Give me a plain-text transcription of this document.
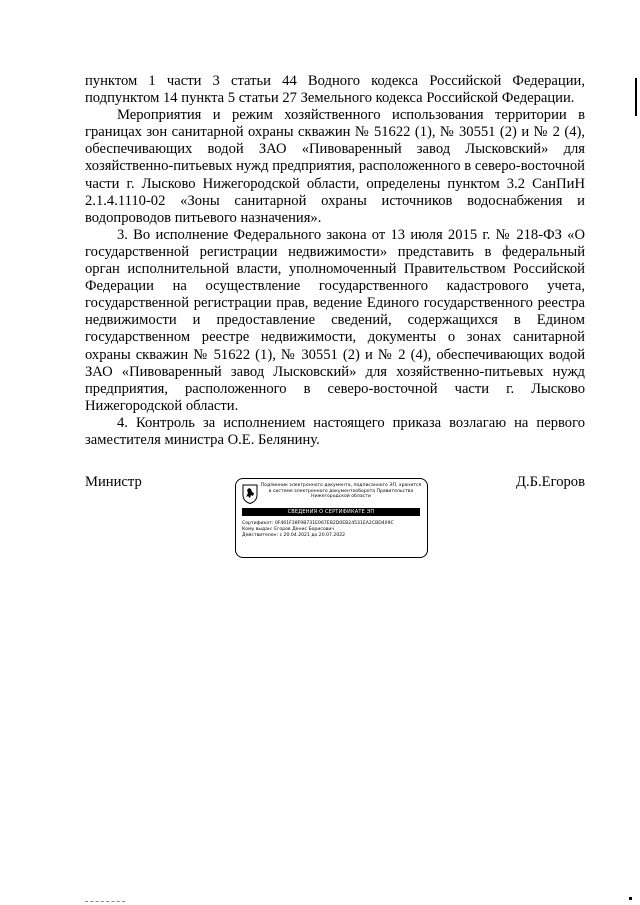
пунктом 1 части 3 статьи 44 Водного кодекса Российской Федерации, подпунктом 14 пункта 5 статьи 27 Земельного кодекса Российской Федерации.

Мероприятия и режим хозяйственного использования территории в границах зон санитарной охраны скважин № 51622 (1), № 30551 (2) и № 2 (4), обеспечивающих водой ЗАО «Пивоваренный завод Лысковский» для хозяйственно-питьевых нужд предприятия, расположенного в северо-восточной части г. Лысково Нижегородской области, определены пунктом 3.2 СанПиН 2.1.4.1110-02 «Зоны санитарной охраны источников водоснабжения и водопроводов питьевого назначения».

3. Во исполнение Федерального закона от 13 июля 2015 г. № 218-ФЗ «О государственной регистрации недвижимости» представить в федеральный орган исполнительной власти, уполномоченный Правительством Российской Федерации на осуществление государственного кадастрового учета, государственной регистрации прав, ведение Единого государственного реестра недвижимости и предоставление сведений, содержащихся в Едином государственном реестре недвижимости, документы о зонах санитарной охраны скважин № 51622 (1), № 30551 (2) и № 2 (4), обеспечивающих водой ЗАО «Пивоваренный завод Лысковский» для хозяйственно-питьевых нужд предприятия, расположенного в северо-восточной части г. Лысково Нижегородской области.

4. Контроль за исполнением настоящего приказа возлагаю на первого заместителя министра О.Е. Белянину.

Министр	Подлинник электронного документа, подписанного ЭП, хранится в системе электронного документооборота Правительства Нижегородской области
СВЕДЕНИЯ О СЕРТИФИКАТЕ ЭП
Сертификат: 0F461F38F9B731E067EB2D0EB24531EA2CBD409C
Кому выдан: Егоров Денис Борисович
Действителен: с 20.04.2021 до 20.07.2022
Д.Б.Егоров
